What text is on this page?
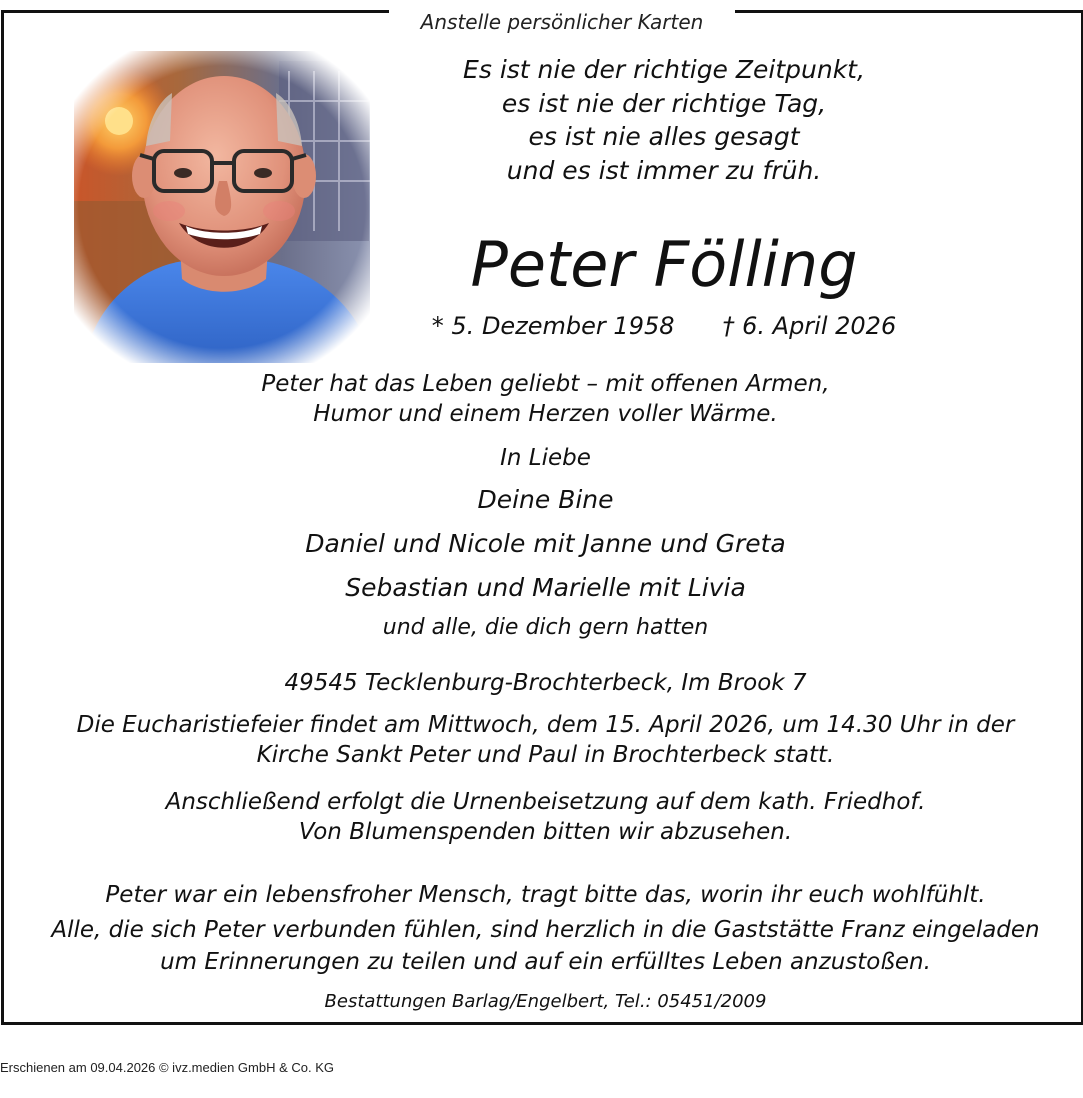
Anstelle persönlicher Karten
Es ist nie der richtige Zeitpunkt,
es ist nie der richtige Tag,
es ist nie alles gesagt
und es ist immer zu früh.
Peter Fölling
* 5. Dezember 1958 † 6. April 2026
Peter hat das Leben geliebt – mit offenen Armen,
Humor und einem Herzen voller Wärme.
In Liebe
Deine Bine
Daniel und Nicole mit Janne und Greta
Sebastian und Marielle mit Livia
und alle, die dich gern hatten
49545 Tecklenburg-Brochterbeck, Im Brook 7
Die Eucharistiefeier findet am Mittwoch, dem 15. April 2026, um 14.30 Uhr in der
Kirche Sankt Peter und Paul in Brochterbeck statt.
Anschließend erfolgt die Urnenbeisetzung auf dem kath. Friedhof.
Von Blumenspenden bitten wir abzusehen.
Peter war ein lebensfroher Mensch, tragt bitte das, worin ihr euch wohlfühlt.
Alle, die sich Peter verbunden fühlen, sind herzlich in die Gaststätte Franz eingeladen
um Erinnerungen zu teilen und auf ein erfülltes Leben anzustoßen.
Bestattungen Barlag/Engelbert, Tel.: 05451/2009
Erschienen am 09.04.2026 © ivz.medien GmbH & Co. KG
